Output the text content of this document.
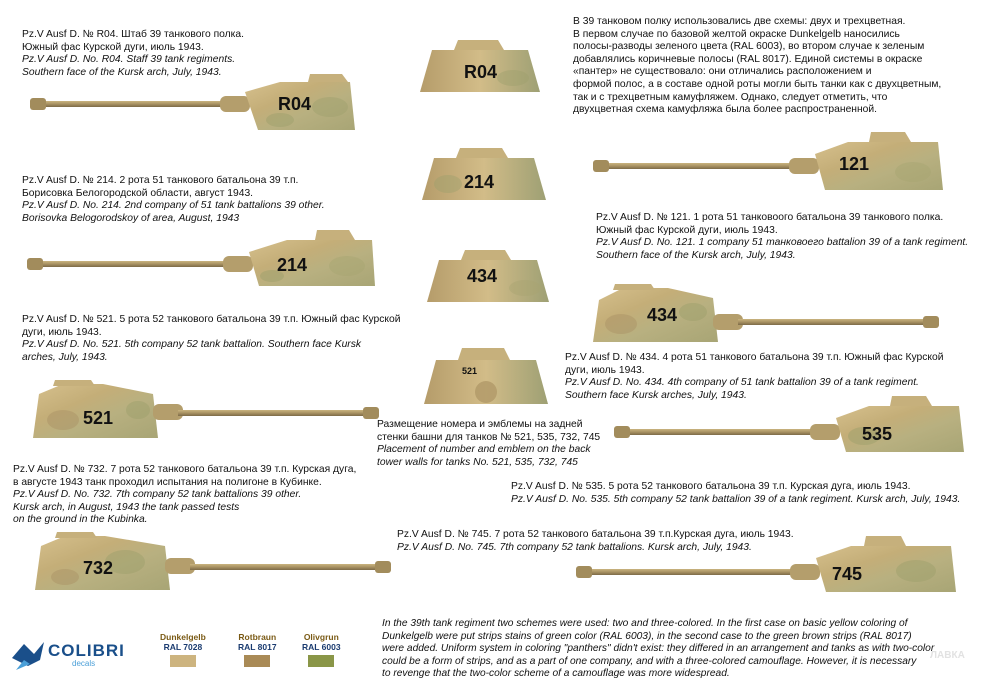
В 39 танковом полку использовались две схемы: двух и трехцветная.
В первом случае по базовой желтой окраске Dunkelgelb наносились
полосы-разводы зеленого цвета (RAL 6003), во втором случае к зеленым
добавлялись коричневые полосы (RAL 8017). Единой системы в окраске
«пантер» не существовало: они отличались расположением и
формой полос, а в составе одной роты могли быть танки как с двухцветным,
так и с трехцветным камуфляжем. Однако, следует отметить, что
двухцветная схема камуфляжа была более распространенной.
Pz.V Ausf D. № R04. Штаб 39 танкового полка.
Южный фас Курской дуги, июль 1943.
Pz.V Ausf D. No. R04. Staff 39 tank regiments.
Southern face of the Kursk arch, July, 1943.
Pz.V Ausf D. № 214. 2 рота 51 танкового батальона 39 т.п.
Борисовка Белогородской области, август 1943.
Pz.V Ausf D. No. 214. 2nd company of 51 tank battalions 39 other.
Borisovka Belogorodskoy of area, August, 1943
Pz.V Ausf D. № 521. 5 рота 52 танкового батальона 39 т.п. Южный фас Курской
дуги, июль 1943.
Pz.V Ausf D. No. 521. 5th company 52 tank battalion. Southern face Kursk
arches, July, 1943.
Pz.V Ausf D. № 732. 7 рота 52 танкового батальона 39 т.п. Курская дуга,
в августе 1943 танк проходил испытания на полигоне в Кубинке.
Pz.V Ausf D. No. 732. 7th company 52 tank battalions 39 other.
Kursk arch, in August, 1943 the tank passed tests
on the ground in the Kubinka.
Pz.V Ausf D. № 121. 1 рота 51 танковоого батальона 39 танкового полка.
Южный фас Курской дуги, июль 1943.
Pz.V Ausf D. No. 121. 1 company 51 танковоего battalion 39 of a tank regiment.
Southern face of the Kursk arch, July, 1943.
Pz.V Ausf D. № 434. 4 рота 51 танкового батальона 39 т.п. Южный фас Курской
дуги, июль 1943.
Pz.V Ausf D. No. 434. 4th company of 51 tank battalion 39 of a tank regiment.
Southern face Kursk arches, July, 1943.
Размещение номера и эмблемы на задней
стенки башни для танков № 521, 535, 732, 745
Placement of number and emblem on the back
tower walls for tanks No. 521, 535, 732, 745
Pz.V Ausf D. № 535. 5 рота 52 танкового батальона 39 т.п. Курская дуга, июль 1943.
Pz.V Ausf D. No. 535. 5th company 52 tank battalion 39 of a tank regiment. Kursk arch, July, 1943.
Pz.V Ausf D. № 745. 7 рота 52 танкового батальона 39 т.п.Курская дуга, июль 1943.
Pz.V Ausf D. No. 745. 7th company 52 tank battalions. Kursk arch, July, 1943.
R04
214
521
732
121
434
535
745
R04
214
434
521
In the 39th tank regiment two schemes were used: two and three-colored. In the first case on basic yellow coloring of
Dunkelgelb were put strips stains of green color (RAL 6003), in the second case to the green brown strips (RAL 8017)
were added. Uniform system in coloring "panthers" didn't exist: they differed in an arrangement and tanks as with two-color
could be a form of strips, and as a part of one company, and with a three-colored camouflage. However, it is necessary
to revenge that the two-color scheme of a camouflage was more widespread.
COLIBRI
decals
Dunkelgelb
RAL 7028
Rotbraun
RAL 8017
Olivgrun
RAL 6003
ЛАВКА
